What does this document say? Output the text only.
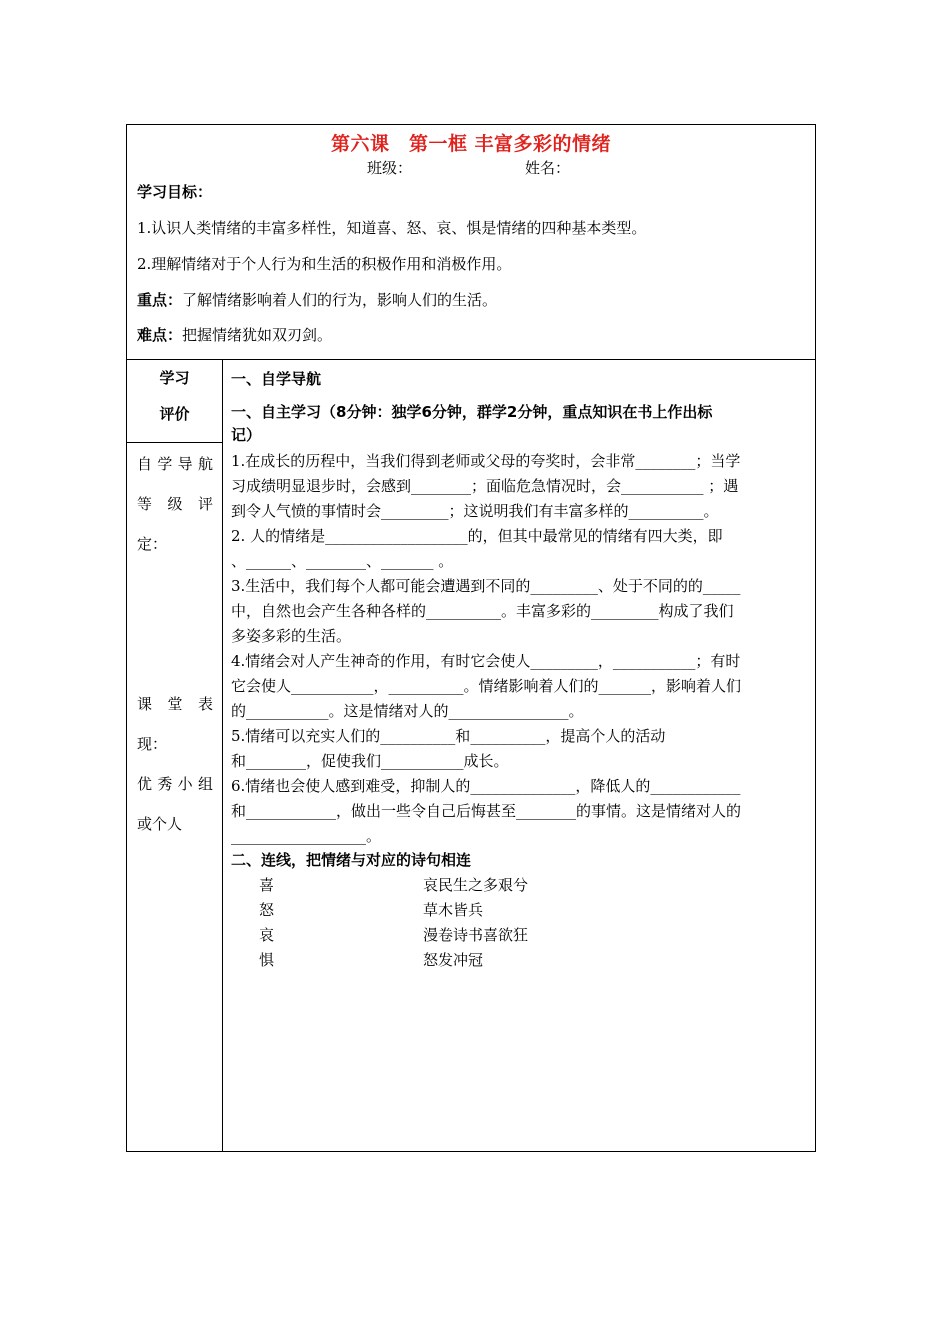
第六课　第一框 丰富多彩的情绪
班级：	姓名：
学习目标：
1.认识人类情绪的丰富多样性，知道喜、怒、哀、惧是情绪的四种基本类型。
2.理解情绪对于个人行为和生活的积极作用和消极作用。
重点：了解情绪影响着人们的行为，影响人们的生活。
难点：把握情绪犹如双刃剑。
学习
评价
自学导航
等 级 评
定：
课 堂 表
现：
优秀小组
或个人
一、自学导航
一、自主学习（8分钟：独学6分钟，群学2分钟，重点知识在书上作出标
记）
1.在成长的历程中，当我们得到老师或父母的夸奖时，会非常________；当学
习成绩明显退步时，会感到________；面临危急情况时，会___________ ；遇
到令人气愤的事情时会_________；这说明我们有丰富多样的__________。
2. 人的情绪是___________________的，但其中最常见的情绪有四大类，即
、______、________、_______ 。
3.生活中，我们每个人都可能会遭遇到不同的_________、处于不同的的_____
中，自然也会产生各种各样的__________。丰富多彩的_________构成了我们
多姿多彩的生活。
4.情绪会对人产生神奇的作用，有时它会使人_________，___________；有时
它会使人___________，__________。情绪影响着人们的_______，影响着人们
的___________。这是情绪对人的________________。
5.情绪可以充实人们的__________和__________，提高个人的活动
和________，促使我们___________成长。
6.情绪也会使人感到难受，抑制人的______________，降低人的____________
和____________，做出一些令自己后悔甚至________的事情。这是情绪对人的
__________________。
二、连线，把情绪与对应的诗句相连
喜
怒
哀
惧
哀民生之多艰兮
草木皆兵
漫卷诗书喜欲狂
怒发冲冠
